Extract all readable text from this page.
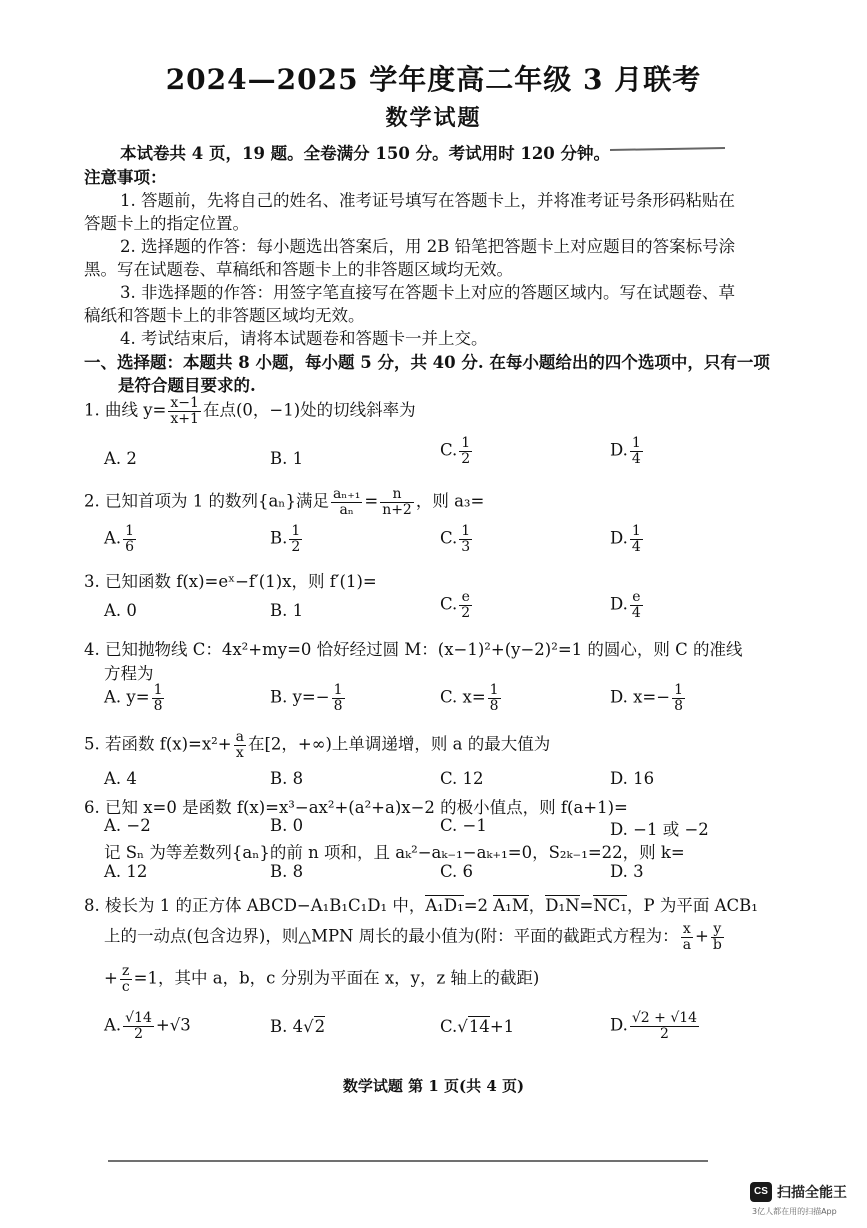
2024—2025 学年度高二年级 3 月联考
数学试题
本试卷共 4 页，19 题。全卷满分 150 分。考试用时 120 分钟。
注意事项：
1. 答题前，先将自己的姓名、准考证号填写在答题卡上，并将准考证号条形码粘贴在
答题卡上的指定位置。
2. 选择题的作答：每小题选出答案后，用 2B 铅笔把答题卡上对应题目的答案标号涂
黑。写在试题卷、草稿纸和答题卡上的非答题区域均无效。
3. 非选择题的作答：用签字笔直接写在答题卡上对应的答题区域内。写在试题卷、草
稿纸和答题卡上的非答题区域均无效。
4. 考试结束后，请将本试题卷和答题卡一并上交。
一、选择题：本题共 8 小题，每小题 5 分，共 40 分. 在每小题给出的四个选项中，只有一项
是符合题目要求的.
1. 曲线 $y= \frac{x-1}{x+1}$ 在点(0，−1)处的切线斜率为
A. 2	B. 1	C. $\frac{1}{2}$	D. $\frac{1}{4}$
2. 已知首项为 1 的数列{aₙ}满足 $\frac{\text{aₙ₊₁}}{\text{aₙ}} = \frac{n}{n+2}$ ，则 a₃=
A. $\frac{1}{6}$	B. $\frac{1}{2}$	C. $\frac{1}{3}$	D. $\frac{1}{4}$
3. 已知函数 f(x)=eˣ−f′(1)x，则 f′(1)=
A. 0	B. 1	C. $\frac{e}{2}$	D. $\frac{e}{4}$
4. 已知抛物线 C：4x²+my=0 恰好经过圆 M：(x−1)²+(y−2)²=1 的圆心，则 C 的准线
方程为
A. $y= \frac{1}{8}$	B. $y=- \frac{1}{8}$	C. $x= \frac{1}{8}$	D. $x=- \frac{1}{8}$
5. 若函数 $f(x)=x^2+ \frac{a}{x}$ 在[2，+∞)上单调递增，则 a 的最大值为
A. 4	B. 8	C. 12	D. 16
6. 已知 x=0 是函数 f(x)=x³−ax²+(a²+a)x−2 的极小值点，则 f(a+1)=
A. −2	B. 0	C. −1	D. −1 或 −2
记 Sₙ 为等差数列{aₙ}的前 n 项和，且 aₖ²−aₖ₋₁−aₖ₊₁=0，S₂ₖ₋₁=22，则 k=
A. 12	B. 8	C. 6	D. 3
8. 棱长为 1 的正方体 ABCD−A₁B₁C₁D₁ 中，A₁D₁=2 A₁M，D₁N=NC₁，P 为平面 ACB₁
上的一动点(包含边界)，则△MPN 周长的最小值为(附：平面的截距式方程为： $\frac{x}{a} + \frac{y}{b}$
+ $\frac{z}{c} =1$，其中 a，b，c 分别为平面在 x，y，z 轴上的截距)
A. $\frac{√14}{2} +√3$	B. 4√2	C.√14+1	D. $\frac{√2 + √14}{2}$
数学试题 第 1 页(共 4 页)
CS 扫描全能王
3亿人都在用的扫描App
